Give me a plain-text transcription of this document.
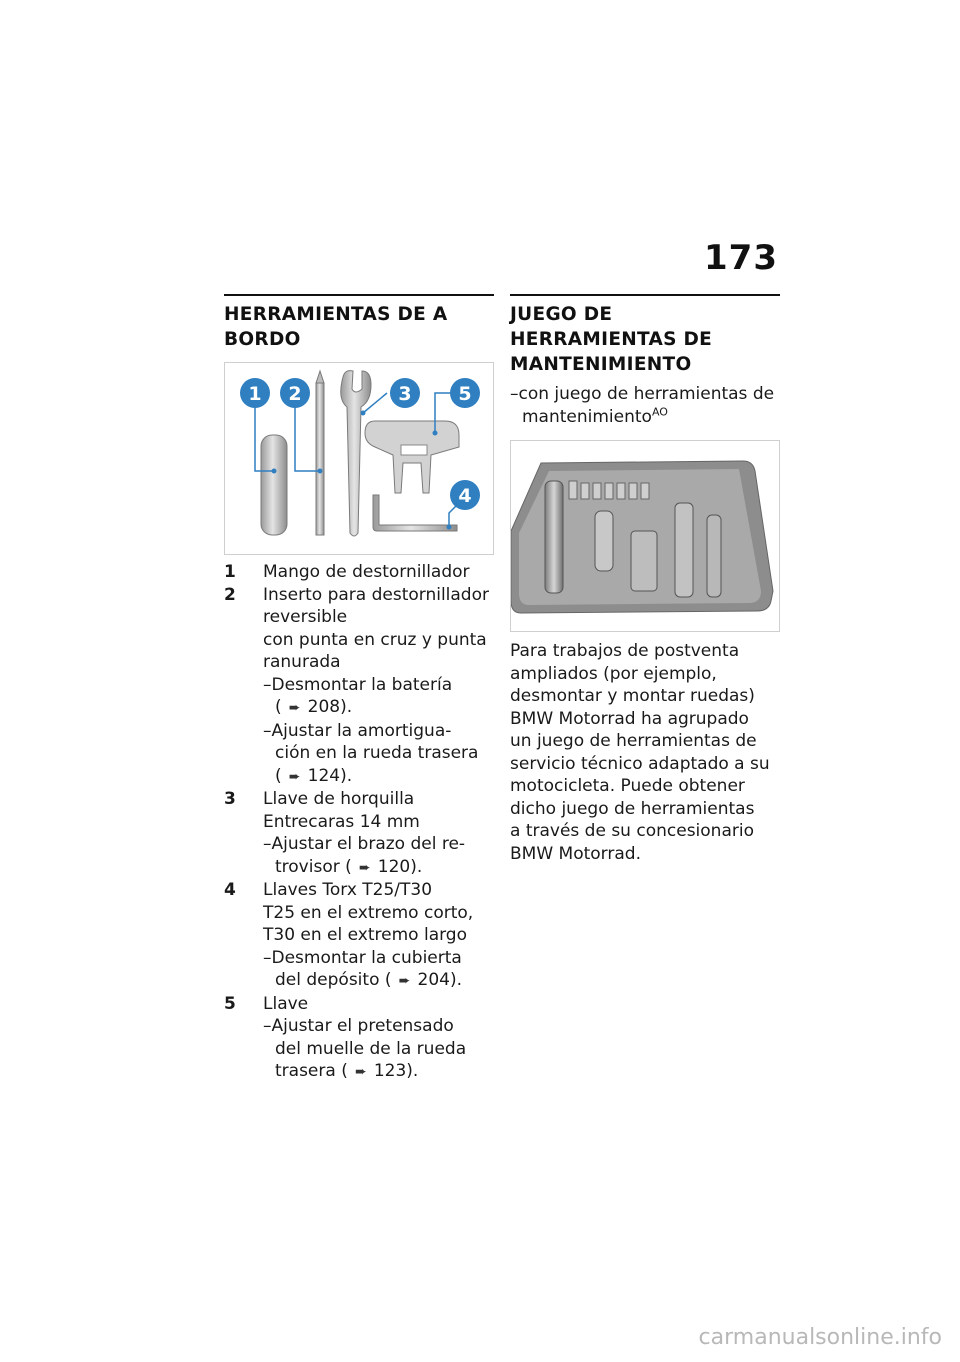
173
HERRAMIENTAS DE A BORDO
1 2	3 5
4
1	Mango de destornillador
2	Inserto para destornillador
reversible
con punta en cruz y punta
ranurada
–Desmontar la batería
( ➨ 208).
–Ajustar la amortigua-
ción en la rueda trasera
( ➨ 124).
3	Llave de horquilla
Entrecaras 14 mm
–Ajustar el brazo del re-
trovisor ( ➨ 120).
4	Llaves Torx T25/T30
T25 en el extremo corto,
T30 en el extremo largo
–Desmontar la cubierta
del depósito ( ➨ 204).
5	Llave
–Ajustar el pretensado
del muelle de la rueda
trasera ( ➨ 123).
JUEGO DE HERRAMIENTAS DE MANTENIMIENTO
–con juego de herramientas de
mantenimiento$^{AO}$
Para trabajos de postventa
ampliados (por ejemplo,
desmontar y montar ruedas)
BMW Motorrad ha agrupado
un juego de herramientas de
servicio técnico adaptado a su
motocicleta. Puede obtener
dicho juego de herramientas
a través de su concesionario
BMW Motorrad.
carmanualsonline.info
